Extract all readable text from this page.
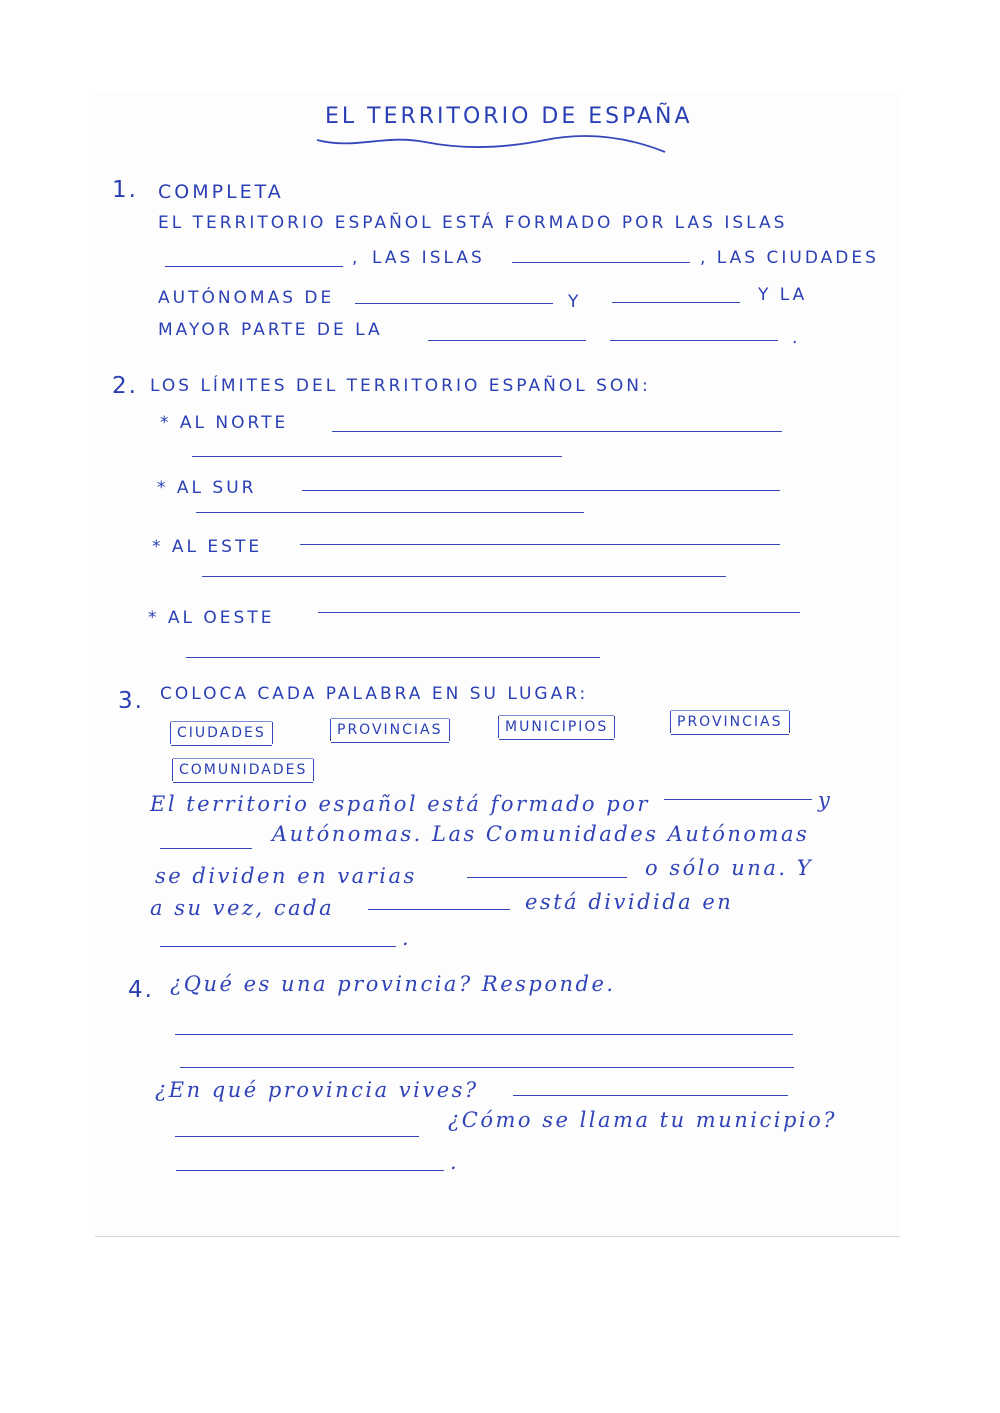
EL TERRITORIO DE ESPAÑA
1. COMPLETA
EL TERRITORIO ESPAÑOL ESTÁ FORMADO POR LAS ISLAS
, LAS ISLAS	, LAS CIUDADES
AUTÓNOMAS DE	Y	Y LA
MAYOR PARTE DE LA	.
2. LOS LÍMITES DEL TERRITORIO ESPAÑOL SON:
* AL NORTE
* AL SUR
* AL ESTE
* AL OESTE
3. COLOCA CADA PALABRA EN SU LUGAR:
CIUDADES	PROVINCIAS	MUNICIPIOS	PROVINCIAS
COMUNIDADES
El territorio español está formado por	y
Autónomas. Las Comunidades Autónomas
se dividen en varias	o sólo una. Y
a su vez, cada	está dividida en
.
4. ¿Qué es una provincia? Responde.
¿En qué provincia vives?
¿Cómo se llama tu municipio?
.
